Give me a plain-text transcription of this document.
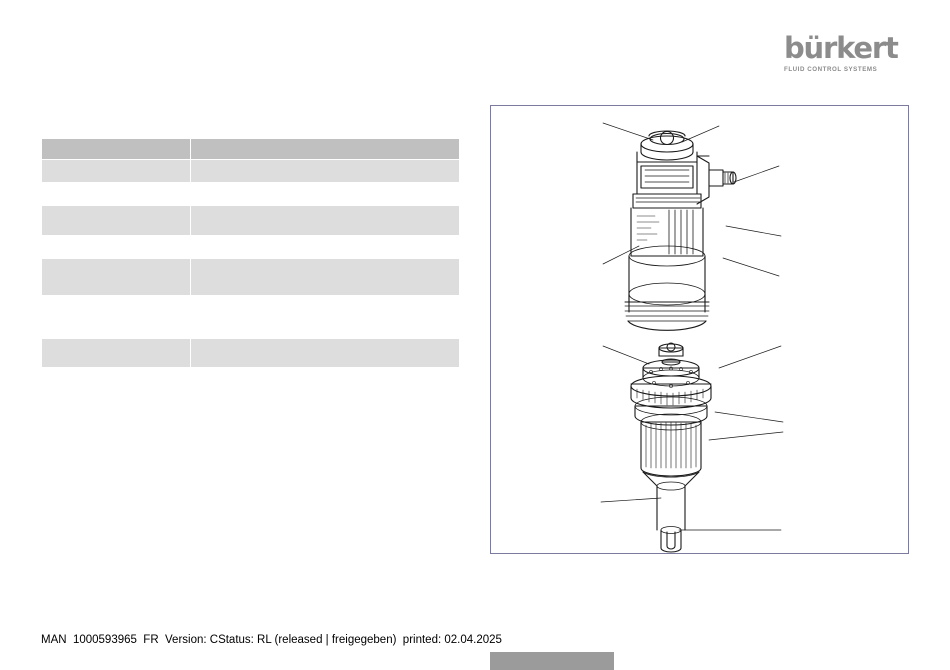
bürkert
FLUID CONTROL SYSTEMS

MAN  1000593965  FR  Version: CStatus: RL (released | freigegeben)  printed: 02.04.2025
